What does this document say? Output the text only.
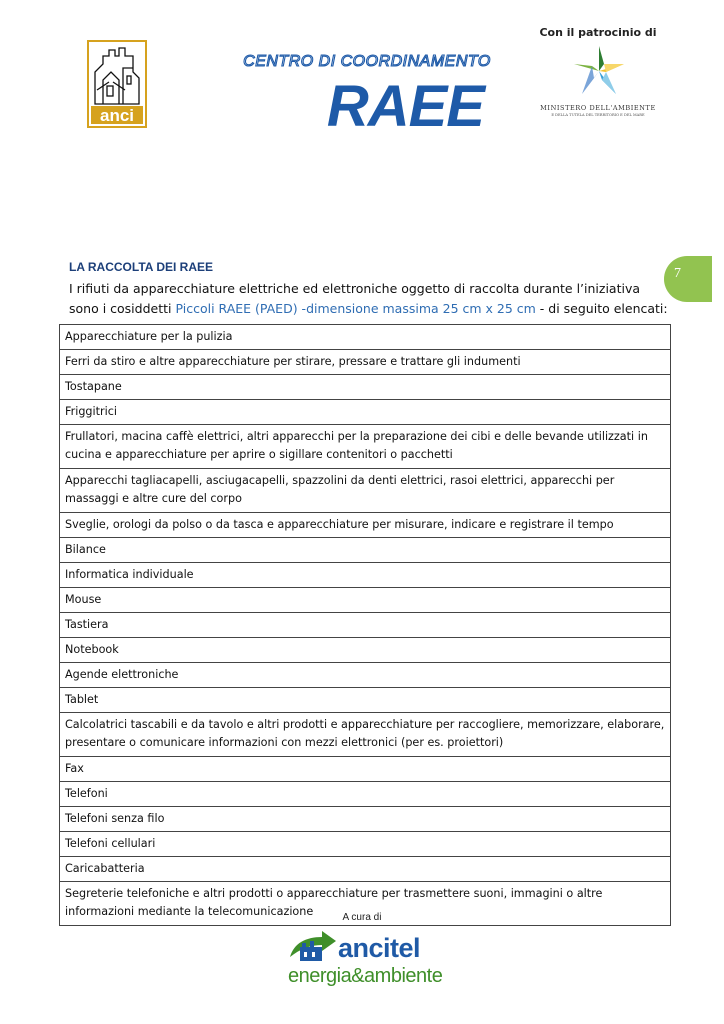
anci
CENTRO DI COORDINAMENTO
RAEE
Con il patrocinio di
MINISTERO DELL'AMBIENTE
E DELLA TUTELA DEL TERRITORIO E DEL MARE
7
LA RACCOLTA DEI RAEE
I rifiuti da apparecchiature elettriche ed elettroniche oggetto di raccolta durante l’iniziativa sono i cosiddetti Piccoli RAEE (PAED) -dimensione massima 25 cm x 25 cm - di seguito elencati:
Apparecchiature per la pulizia
Ferri da stiro e altre apparecchiature per stirare, pressare e trattare gli indumenti
Tostapane
Friggitrici
Frullatori, macina caffè elettrici, altri apparecchi per la preparazione dei cibi e delle bevande utilizzati in cucina e apparecchiature per aprire o sigillare contenitori o pacchetti
Apparecchi tagliacapelli, asciugacapelli, spazzolini da denti elettrici, rasoi elettrici, apparecchi per massaggi e altre cure del corpo
Sveglie, orologi da polso o da tasca e apparecchiature per misurare, indicare e registrare il tempo
Bilance
Informatica individuale
Mouse
Tastiera
Notebook
Agende elettroniche
Tablet
Calcolatrici tascabili e da tavolo e altri prodotti e apparecchiature per raccogliere, memorizzare, elaborare, presentare o comunicare informazioni con mezzi elettronici (per es. proiettori)
Fax
Telefoni
Telefoni senza filo
Telefoni cellulari
Caricabatteria
Segreterie telefoniche e altri prodotti o apparecchiature per trasmettere suoni, immagini o altre informazioni mediante la telecomunicazione	A cura di
ancitel
energia&ambiente
